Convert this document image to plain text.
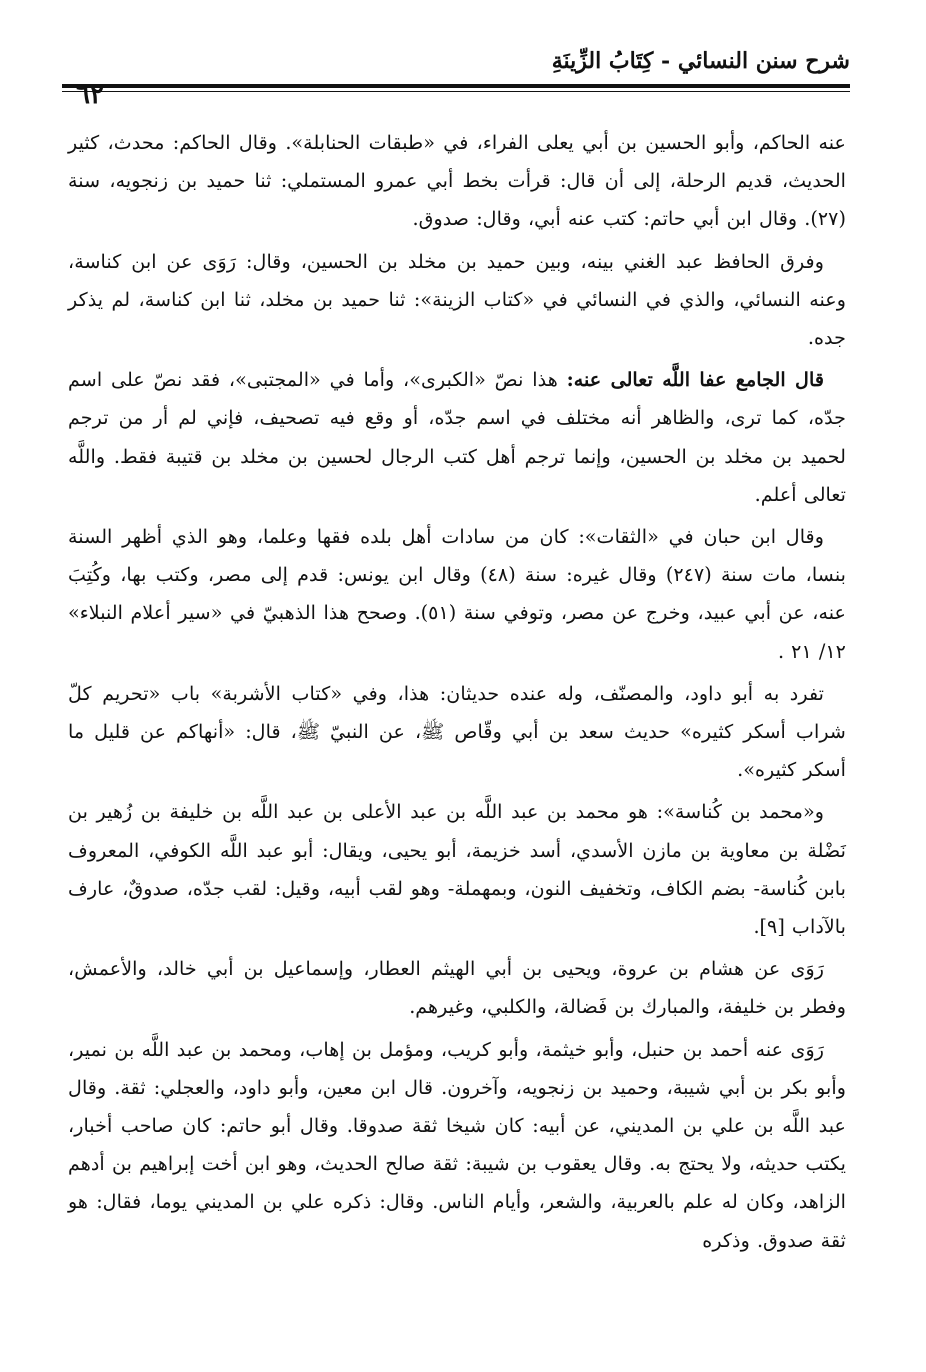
شرح سنن النسائي - كِتَابُ الزِّينَةِ
٦٢

عنه الحاكم، وأبو الحسين بن أبي يعلى الفراء، في «طبقات الحنابلة». وقال الحاكم: محدث، كثير الحديث، قديم الرحلة، إلى أن قال: قرأت بخط أبي عمرو المستملي: ثنا حميد بن زنجويه، سنة (٢٧). وقال ابن أبي حاتم: كتب عنه أبي، وقال: صدوق.

وفرق الحافظ عبد الغني بينه، وبين حميد بن مخلد بن الحسين، وقال: رَوَى عن ابن كناسة، وعنه النسائي، والذي في النسائي في «كتاب الزينة»: ثنا حميد بن مخلد، ثنا ابن كناسة، لم يذكر جده.

قال الجامع عفا اللَّه تعالى عنه: هذا نصّ «الكبرى»، وأما في «المجتبى»، فقد نصّ على اسم جدّه، كما ترى، والظاهر أنه مختلف في اسم جدّه، أو وقع فيه تصحيف، فإني لم أر من ترجم لحميد بن مخلد بن الحسين، وإنما ترجم أهل كتب الرجال لحسين بن مخلد بن قتيبة فقط. واللَّه تعالى أعلم.

وقال ابن حبان في «الثقات»: كان من سادات أهل بلده فقها وعلما، وهو الذي أظهر السنة بنسا، مات سنة (٢٤٧) وقال غيره: سنة (٤٨) وقال ابن يونس: قدم إلى مصر، وكتب بها، وكُتِبَ عنه، عن أبي عبيد، وخرج عن مصر، وتوفي سنة (٥١). وصحح هذا الذهبيّ في «سير أعلام النبلاء» ١٢/ ٢١ .

تفرد به أبو داود، والمصنّف، وله عنده حديثان: هذا، وفي «كتاب الأشربة» باب «تحريم كلّ شراب أسكر كثيره» حديث سعد بن أبي وقّاص ﷺ، عن النبيّ ﷺ، قال: «أنهاكم عن قليل ما أسكر كثيره».

و«محمد بن كُناسة»: هو محمد بن عبد اللَّه بن عبد الأعلى بن عبد اللَّه بن خليفة بن زُهير بن نَضْلة بن معاوية بن مازن الأسدي، أسد خزيمة، أبو يحيى، ويقال: أبو عبد اللَّه الكوفي، المعروف بابن كُناسة- بضم الكاف، وتخفيف النون، وبمهملة- وهو لقب أبيه، وقيل: لقب جدّه، صدوقٌ، عارف بالآداب [٩].

رَوَى عن هشام بن عروة، ويحيى بن أبي الهيثم العطار، وإسماعيل بن أبي خالد، والأعمش، وفطر بن خليفة، والمبارك بن فَضالة، والكلبي، وغيرهم.

رَوَى عنه أحمد بن حنبل، وأبو خيثمة، وأبو كريب، ومؤمل بن إهاب، ومحمد بن عبد اللَّه بن نمير، وأبو بكر بن أبي شيبة، وحميد بن زنجويه، وآخرون. قال ابن معين، وأبو داود، والعجلي: ثقة. وقال عبد اللَّه بن علي بن المديني، عن أبيه: كان شيخا ثقة صدوقا. وقال أبو حاتم: كان صاحب أخبار، يكتب حديثه، ولا يحتج به. وقال يعقوب بن شيبة: ثقة صالح الحديث، وهو ابن أخت إبراهيم بن أدهم الزاهد، وكان له علم بالعربية، والشعر، وأيام الناس. وقال: ذكره علي بن المديني يوما، فقال: هو ثقة صدوق. وذكره
